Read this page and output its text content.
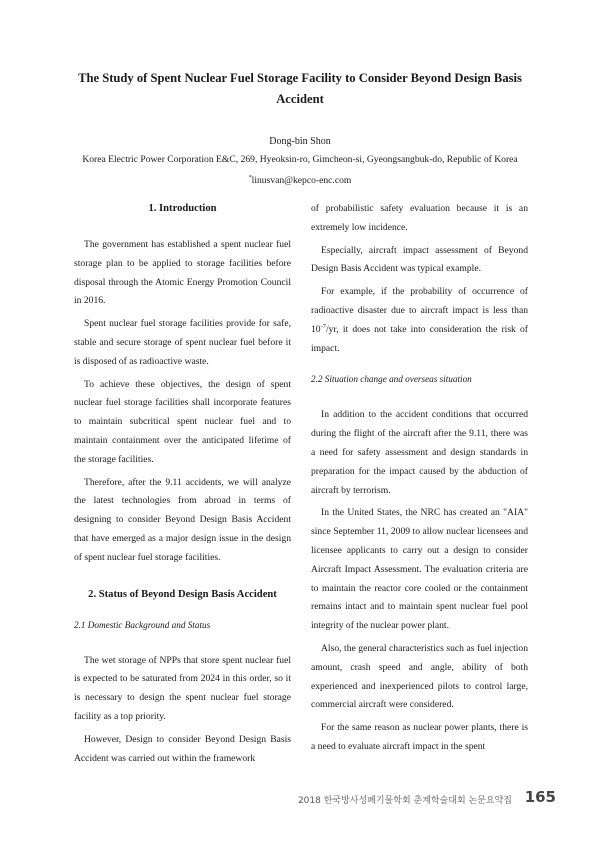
The Study of Spent Nuclear Fuel Storage Facility to Consider Beyond Design Basis Accident
Dong-bin Shon
Korea Electric Power Corporation E&C, 269, Hyeoksin-ro, Gimcheon-si, Gyeongsangbuk-do, Republic of Korea
*linusvan@kepco-enc.com
1. Introduction

The government has established a spent nuclear fuel storage plan to be applied to storage facilities before disposal through the Atomic Energy Promotion Council in 2016.

Spent nuclear fuel storage facilities provide for safe, stable and secure storage of spent nuclear fuel before it is disposed of as radioactive waste.

To achieve these objectives, the design of spent nuclear fuel storage facilities shall incorporate features to maintain subcritical spent nuclear fuel and to maintain containment over the anticipated lifetime of the storage facilities.

Therefore, after the 9.11 accidents, we will analyze the latest technologies from abroad in terms of designing to consider Beyond Design Basis Accident that have emerged as a major design issue in the design of spent nuclear fuel storage facilities.

2. Status of Beyond Design Basis Accident
2.1 Domestic Background and Status

The wet storage of NPPs that store spent nuclear fuel is expected to be saturated from 2024 in this order, so it is necessary to design the spent nuclear fuel storage facility as a top priority.

However, Design to consider Beyond Design Basis Accident was carried out within the framework

of probabilistic safety evaluation because it is an extremely low incidence.

Especially, aircraft impact assessment of Beyond Design Basis Accident was typical example.

For example, if the probability of occurrence of radioactive disaster due to aircraft impact is less than $10^{-7}/yr$, it does not take into consideration the risk of impact.

2.2 Situation change and overseas situation

In addition to the accident conditions that occurred during the flight of the aircraft after the 9.11, there was a need for safety assessment and design standards in preparation for the impact caused by the abduction of aircraft by terrorism.

In the United States, the NRC has created an "AIA" since September 11, 2009 to allow nuclear licensees and licensee applicants to carry out a design to consider Aircraft Impact Assessment. The evaluation criteria are to maintain the reactor core cooled or the containment remains intact and to maintain spent nuclear fuel pool integrity of the nuclear power plant.

Also, the general characteristics such as fuel injection amount, crash speed and angle, ability of both experienced and inexperienced pilots to control large, commercial aircraft were considered.

For the same reason as nuclear power plants, there is a need to evaluate aircraft impact in the spent

2018 한국방사성폐기물학회 춘계학술대회 논문요약집 165
